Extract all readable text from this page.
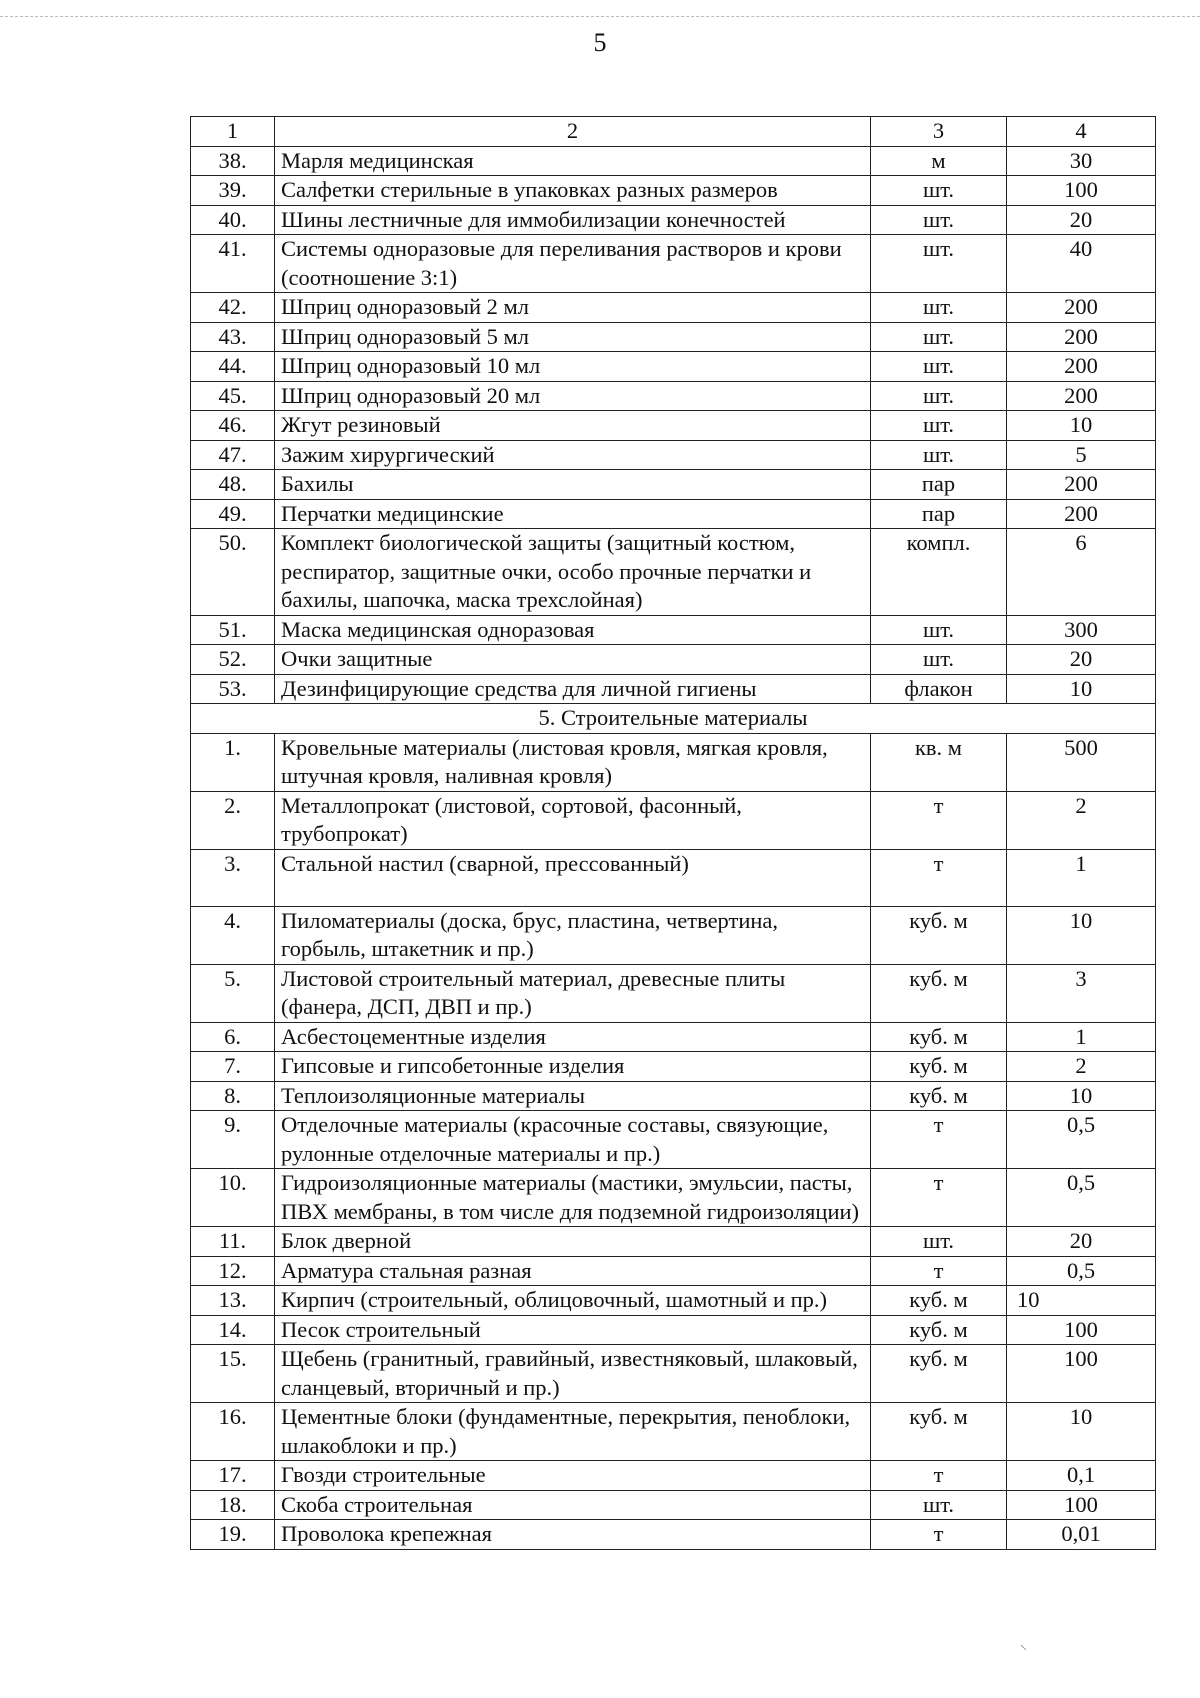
5
1	2	3	4
38.	Марля медицинская	м	30
39.	Салфетки стерильные в упаковках разных размеров	шт.	100
40.	Шины лестничные для иммобилизации конечностей	шт.	20
41.	Системы одноразовые для переливания растворов и крови (соотношение 3:1)	шт.	40
42.	Шприц одноразовый 2 мл	шт.	200
43.	Шприц одноразовый 5 мл	шт.	200
44.	Шприц одноразовый 10 мл	шт.	200
45.	Шприц одноразовый 20 мл	шт.	200
46.	Жгут резиновый	шт.	10
47.	Зажим хирургический	шт.	5
48.	Бахилы	пар	200
49.	Перчатки медицинские	пар	200
50.	Комплект биологической защиты (защитный костюм, респиратор, защитные очки, особо прочные перчатки и бахилы, шапочка, маска трехслойная)	компл.	6
51.	Маска медицинская одноразовая	шт.	300
52.	Очки защитные	шт.	20
53.	Дезинфицирующие средства для личной гигиены	флакон	10
5. Строительные материалы			
1.	Кровельные материалы (листовая кровля, мягкая кровля, штучная кровля, наливная кровля)	кв. м	500
2.	Металлопрокат (листовой, сортовой, фасонный, трубопрокат)	т	2
3.	Стальной настил (сварной, прессованный)	т	1
4.	Пиломатериалы (доска, брус, пластина, четвертина, горбыль, штакетник и пр.)	куб. м	10
5.	Листовой строительный материал, древесные плиты (фанера, ДСП, ДВП и пр.)	куб. м	3
6.	Асбестоцементные изделия	куб. м	1
7.	Гипсовые и гипсобетонные изделия	куб. м	2
8.	Теплоизоляционные материалы	куб. м	10
9.	Отделочные материалы (красочные составы, связующие, рулонные отделочные материалы и пр.)	т	0,5
10.	Гидроизоляционные материалы (мастики, эмульсии, пасты, ПВХ мембраны, в том числе для подземной гидроизоляции)	т	0,5
11.	Блок дверной	шт.	20
12.	Арматура стальная разная	т	0,5
13.	Кирпич (строительный, облицовочный, шамотный и пр.)	куб. м	10
14.	Песок строительный	куб. м	100
15.	Щебень (гранитный, гравийный, известняковый, шлаковый, сланцевый, вторичный и пр.)	куб. м	100
16.	Цементные блоки (фундаментные, перекрытия, пеноблоки, шлакоблоки и пр.)	куб. м	10
17.	Гвозди строительные	т	0,1
18.	Скоба строительная	шт.	100
19.	Проволока крепежная	т	0,01
⸜
